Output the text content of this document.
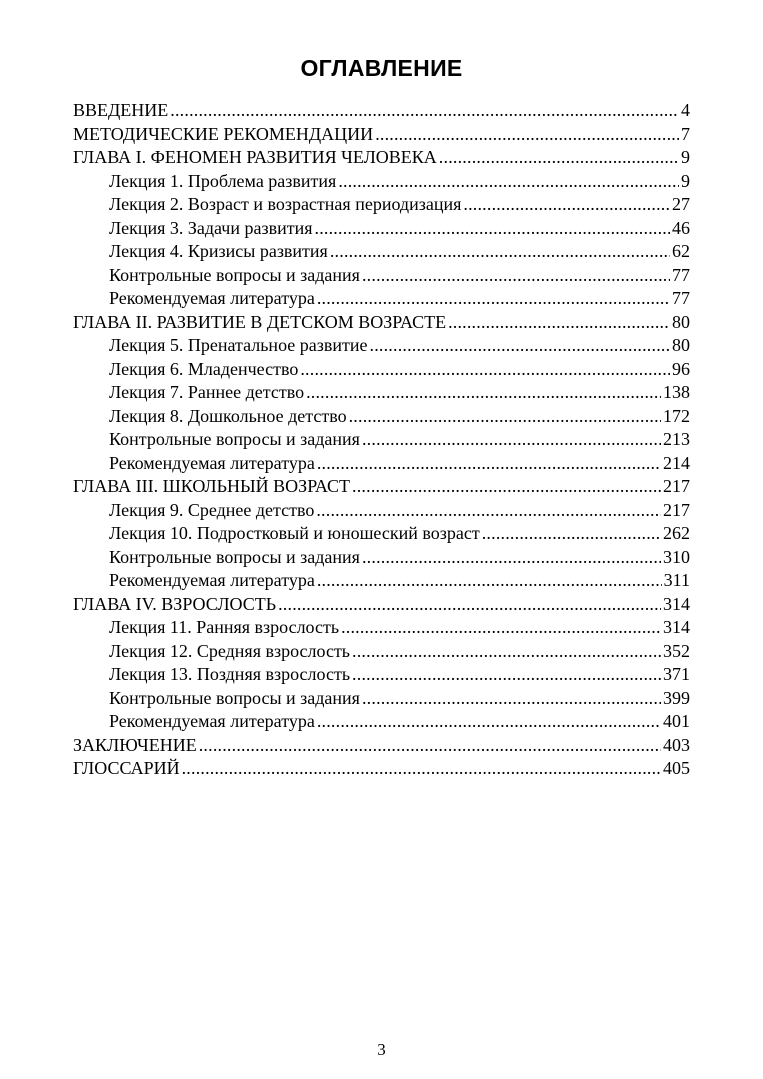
ОГЛАВЛЕНИЕ
ВВЕДЕНИЕ .....	4
МЕТОДИЧЕСКИЕ РЕКОМЕНДАЦИИ .....	7
ГЛАВА I. ФЕНОМЕН РАЗВИТИЯ ЧЕЛОВЕКА .....	9
Лекция 1. Проблема развития .....	9
Лекция 2. Возраст и возрастная периодизация .....	27
Лекция 3. Задачи развития .....	46
Лекция 4. Кризисы развития .....	62
Контрольные вопросы и задания .....	77
Рекомендуемая литература .....	77
ГЛАВА II. РАЗВИТИЕ В ДЕТСКОМ ВОЗРАСТЕ .....	80
Лекция 5. Пренатальное развитие .....	80
Лекция 6. Младенчество .....	96
Лекция 7. Раннее детство .....	138
Лекция 8. Дошкольное детство .....	172
Контрольные вопросы и задания .....	213
Рекомендуемая литература .....	214
ГЛАВА III. ШКОЛЬНЫЙ ВОЗРАСТ .....	217
Лекция 9. Среднее детство .....	217
Лекция 10. Подростковый и юношеский возраст .....	262
Контрольные вопросы и задания .....	310
Рекомендуемая литература .....	311
ГЛАВА IV. ВЗРОСЛОСТЬ .....	314
Лекция 11. Ранняя взрослость .....	314
Лекция 12. Средняя взрослость .....	352
Лекция 13. Поздняя взрослость .....	371
Контрольные вопросы и задания .....	399
Рекомендуемая литература .....	401
ЗАКЛЮЧЕНИЕ .....	403
ГЛОССАРИЙ .....	405
3
